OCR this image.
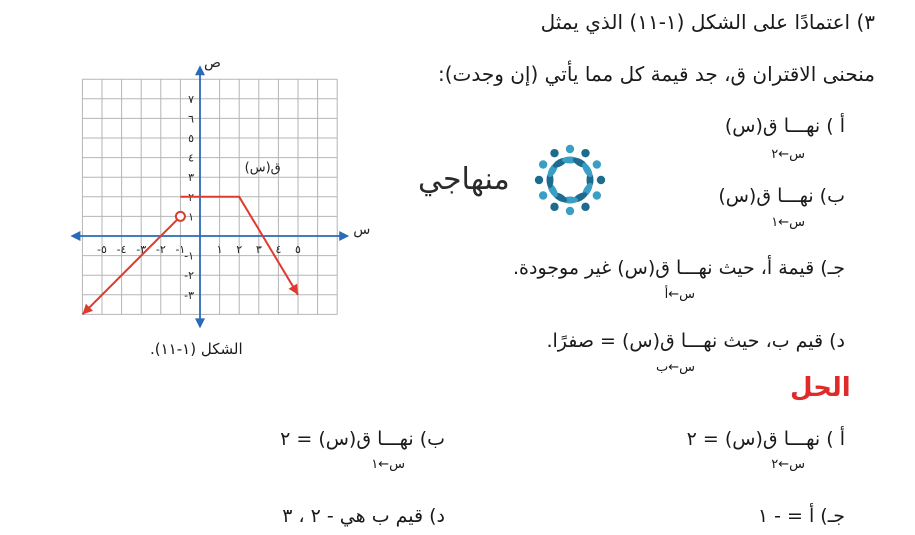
٣) اعتمادًا على الشكل (١-١١) الذي يمثل
منحنى الاقتران ق، جد قيمة كل مما يأتي (إن وجدت):
أ ) نهـــا ق(س)
س←٢
ب) نهـــا ق(س)
س←١
جـ) قيمة أ، حيث نهـــا ق(س) غير موجودة.
س←أ
د) قيم ب، حيث نهـــا ق(س) = صفرًا.
س←ب
منهاجي
س
ص
-٥ -٤ -٣ -٢ -١	١ ٢ ٣ ٤ ٥
٧
٦
٥
٤
٣
٢
١
-١
-٢
-٣
ق(س)
الشكل (١-١١).
الحل
أ ) نهـــا ق(س) = ٢
س←٢
ب) نهـــا ق(س) = ٢
س←١
جـ) أ = - ١
د) قيم ب هي - ٢ ، ٣
